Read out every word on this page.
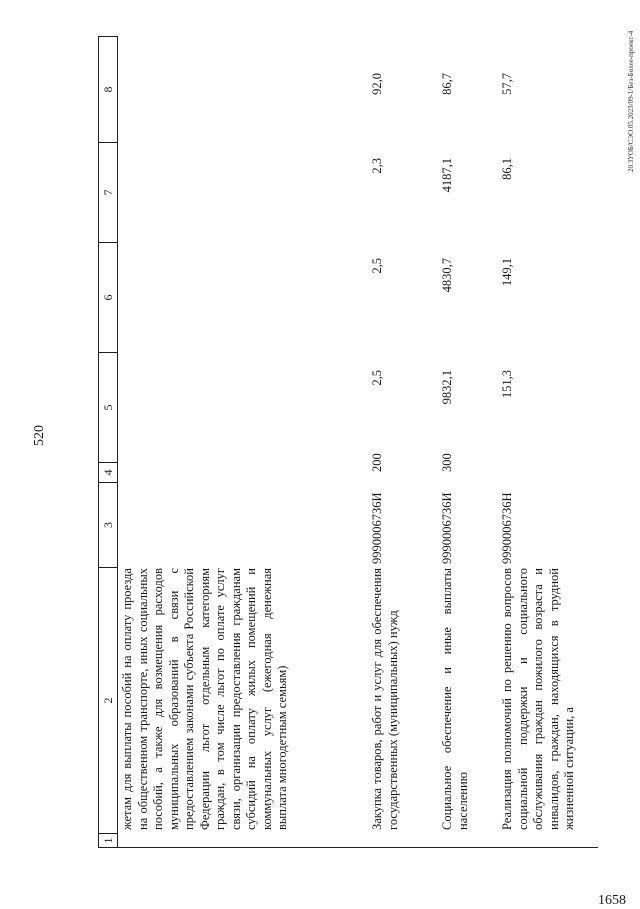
520
20.ЗУОБ/СЭО.05.2023/09-1/Без-Более-проект-4
1658
1
2
3
4
5
6
7
8
жетам для выплаты пособий на оплату проезда на общественном транспорте, иных социальных пособий, а также для возмещения расходов муниципальных образований в связи с предоставлением законами субъекта Российской Федерации льгот отдельным категориям граждан, в том числе льгот по оплате услуг связи, организации предоставления гражданам субсидий на оплату жилых помещений и коммунальных услуг (ежегодная денежная выплата многодетным семьям)	Закупка товаров, работ и услуг для обеспечения государственных (муниципальных) нужд
99900067З6И
200
2,5
2,5
2,3
92,0
Социальное обеспечение и иные выплаты населению
99900067З6И
300
9832,1
4830,7
4187,1
86,7
Реализация полномочий по решению вопросов социальной поддержки и социального обслуживания граждан пожилого возраста и инвалидов, граждан, находящихся в трудной жизненной ситуации, а
99900067З6Н
151,3
149,1
86,1
57,7
